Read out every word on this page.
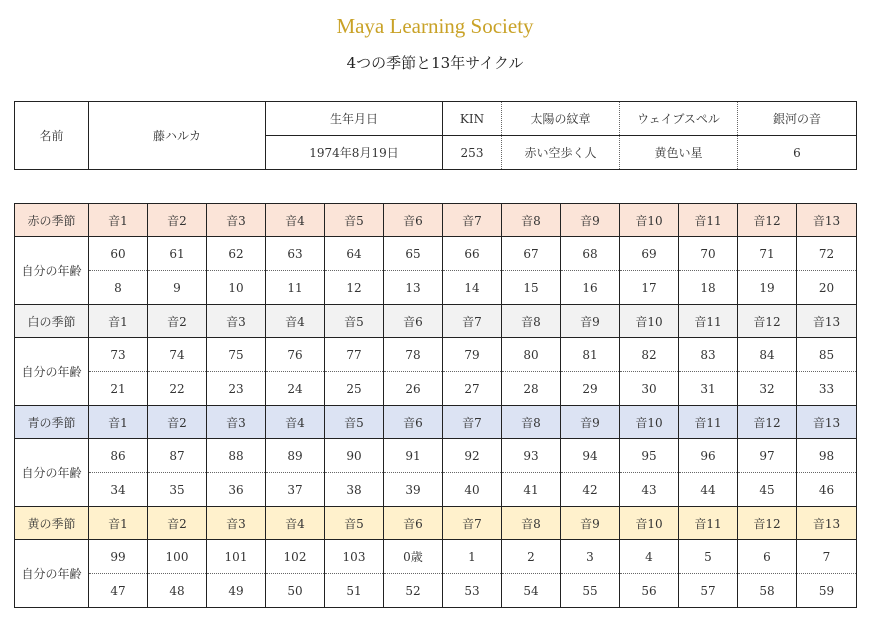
Maya Learning Society
4つの季節と13年サイクル
名前	藤ハルカ	生年月日	KIN	太陽の紋章	ウェイブスペル	銀河の音
		1974年8月19日	253	赤い空歩く人	黄色い星	6
赤の季節	音1	音2	音3	音4	音5	音6	音7	音8	音9	音10	音11	音12	音13
自分の年齢	60	61	62	63	64	65	66	67	68	69	70	71	72
	8	9	10	11	12	13	14	15	16	17	18	19	20
白の季節	音1	音2	音3	音4	音5	音6	音7	音8	音9	音10	音11	音12	音13
自分の年齢	73	74	75	76	77	78	79	80	81	82	83	84	85
	21	22	23	24	25	26	27	28	29	30	31	32	33
青の季節	音1	音2	音3	音4	音5	音6	音7	音8	音9	音10	音11	音12	音13
自分の年齢	86	87	88	89	90	91	92	93	94	95	96	97	98
	34	35	36	37	38	39	40	41	42	43	44	45	46
黄の季節	音1	音2	音3	音4	音5	音6	音7	音8	音9	音10	音11	音12	音13
自分の年齢	99	100	101	102	103	0歳	1	2	3	4	5	6	7
	47	48	49	50	51	52	53	54	55	56	57	58	59
